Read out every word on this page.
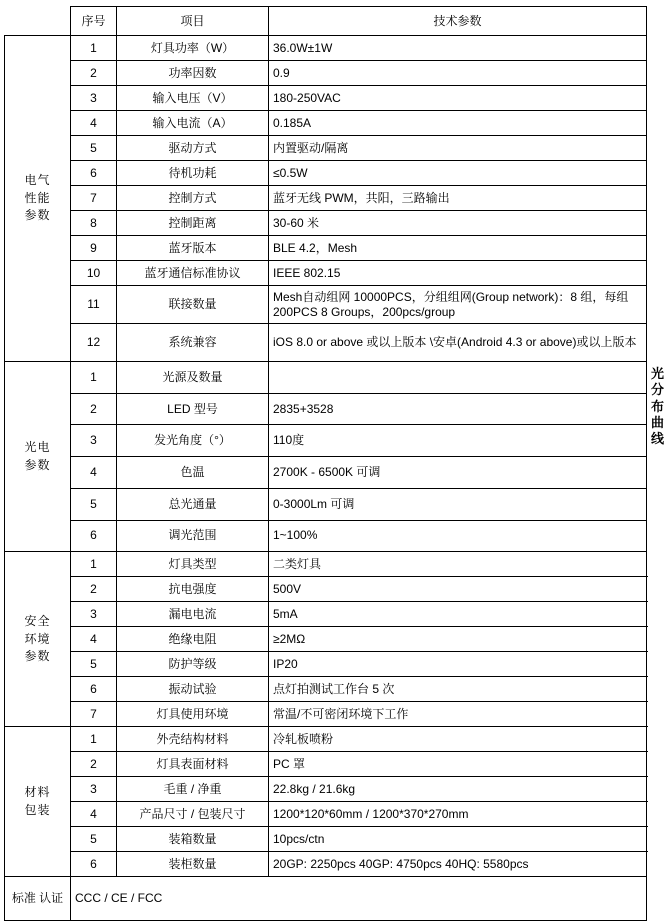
	序号	项目	技术参数	

电气
性能
参数	1	灯具功率（W）	36.0W±1W	
	2	功率因数	0.9	
	3	输入电压（V）	180-250VAC	
	4	输入电流（A）	0.185A	
	5	驱动方式	内置驱动/隔离	
	6	待机功耗	≤0.5W	
	7	控制方式	蓝牙无线 PWM，共阳，三路输出	
	8	控制距离	30-60 米	
	9	蓝牙版本	BLE 4.2，Mesh	
	10	蓝牙通信标准协议	IEEE 802.15	
	11	联接数量	Mesh自动组网 10000PCS，分组组网(Group network)：8 组，每组 200PCS 8 Groups，200pcs/group	
	12	系统兼容	iOS 8.0 or above 或以上版本 \安卓(Android 4.3 or above)或以上版本	

光电
参数
	1	光源及数量		光分布曲线

	2	LED 型号	2835+3528	
	3	发光角度（°）	110度	
	4	色温	2700K - 6500K 可调	
	5	总光通量	0-3000Lm 可调	
	6	调光范围	1~100%	

安全
环境
参数	1	灯具类型	二类灯具	
	2	抗电强度	500V	
	3	漏电电流	5mA	
	4	绝缘电阻	≥2MΩ	
	5	防护等级	IP20	
	6	振动试验	点灯拍测试工作台 5 次	
	7	灯具使用环境	常温/不可密闭环境下工作	

材料
包装	1	外壳结构材料	冷轧板喷粉	
	2	灯具表面材料	PC 罩	
	3	毛重 / 净重	22.8kg / 21.6kg	
	4	产品尺寸 / 包装尺寸	1200*120*60mm / 1200*370*270mm	
	5	装箱数量	10pcs/ctn	
	6	装柜数量	20GP: 2250pcs 40GP: 4750pcs 40HQ: 5580pcs	
标准 认证	CCC / CE / FCC			
